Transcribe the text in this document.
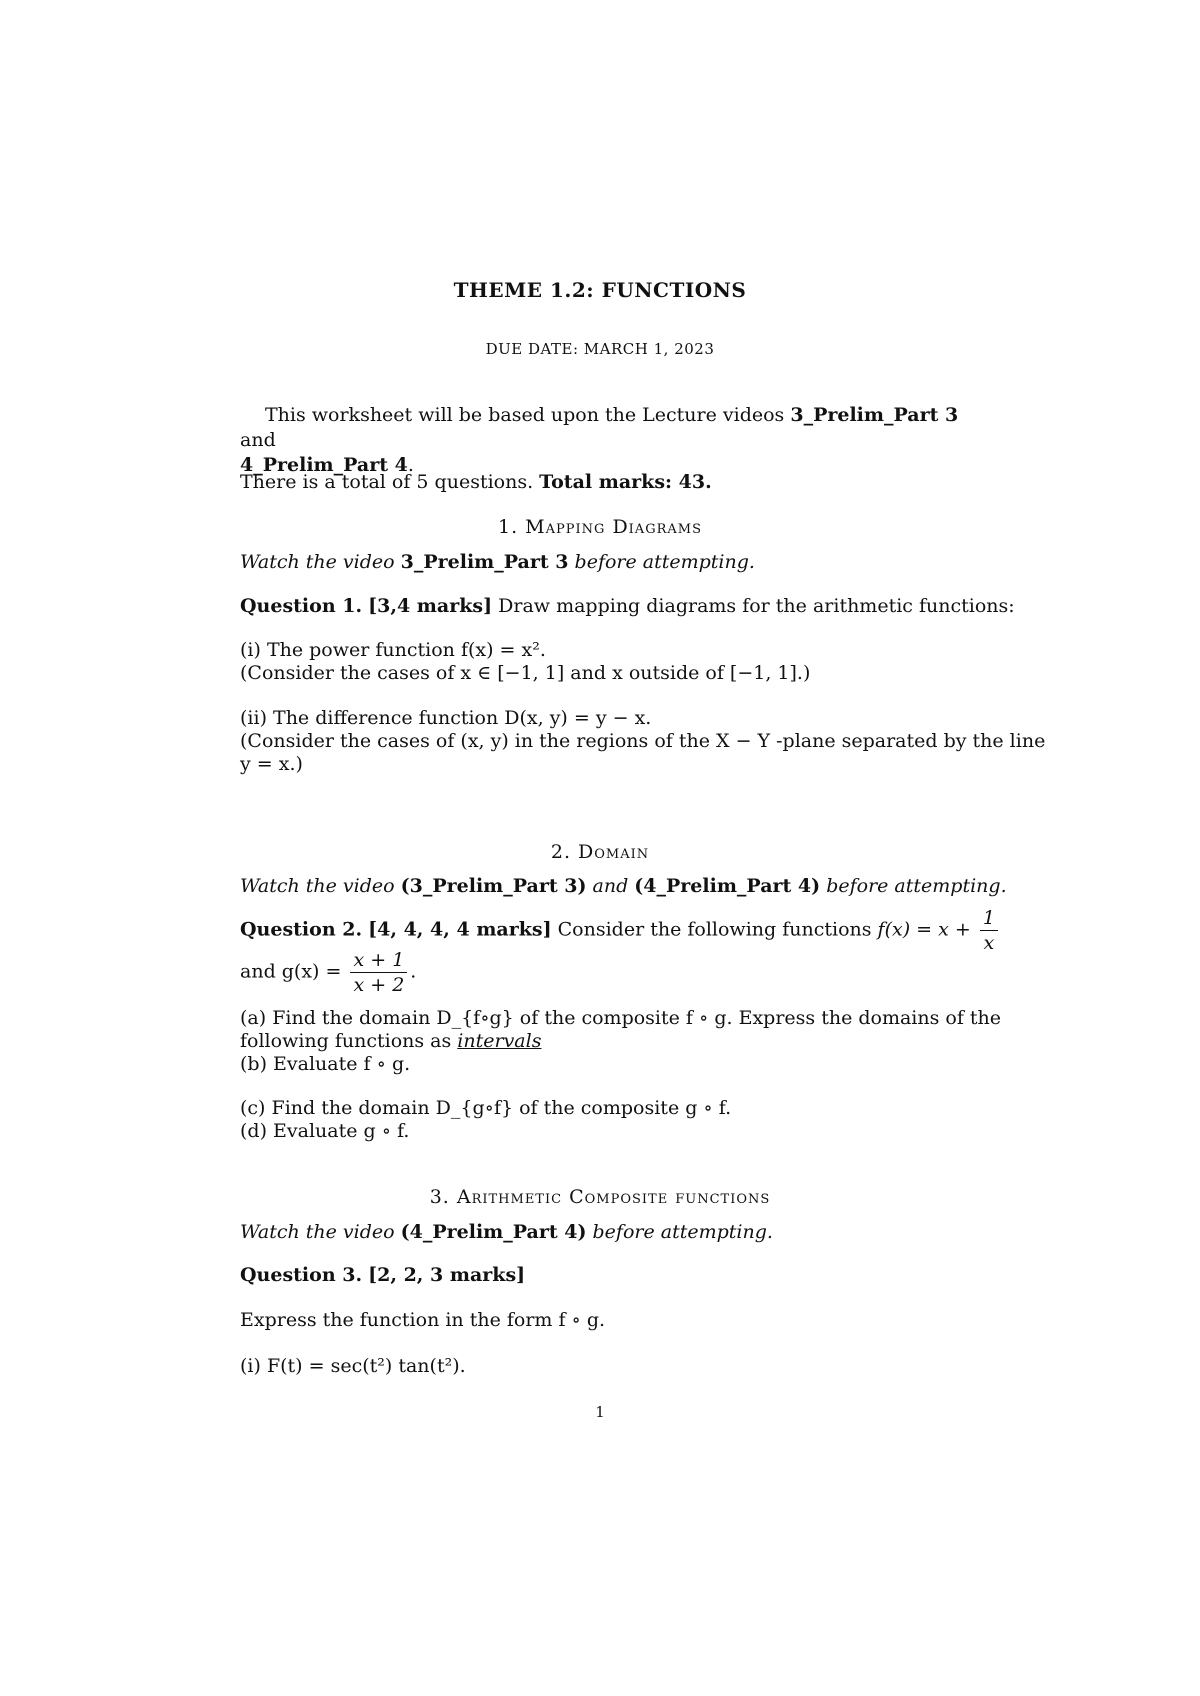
THEME 1.2: FUNCTIONS
DUE DATE: MARCH 1, 2023
This worksheet will be based upon the Lecture videos 3_Prelim_Part 3 and
4_Prelim_Part 4.
There is a total of 5 questions. Total marks: 43.
1. Mapping Diagrams
Watch the video 3_Prelim_Part 3 before attempting.
Question 1. [3,4 marks] Draw mapping diagrams for the arithmetic functions:
(i) The power function f(x) = x².
(Consider the cases of x ∈ [−1, 1] and x outside of [−1, 1].)
(ii) The difference function D(x, y) = y − x.
(Consider the cases of (x, y) in the regions of the X − Y -plane separated by the line
y = x.)
2. Domain
Watch the video (3_Prelim_Part 3) and (4_Prelim_Part 4) before attempting.
Question 2. [4, 4, 4, 4 marks] Consider the following functions $f(x) = x + \frac{1}{x}$
and $g(x) = \frac{x + 1}{x + 2}$ .
(a) Find the domain D_{f∘g} of the composite f ∘ g. Express the domains of the
following functions as intervals
(b) Evaluate f ∘ g.
(c) Find the domain D_{g∘f} of the composite g ∘ f.
(d) Evaluate g ∘ f.
3. Arithmetic Composite functions
Watch the video (4_Prelim_Part 4) before attempting.
Question 3. [2, 2, 3 marks]
Express the function in the form f ∘ g.
(i) F(t) = sec(t²) tan(t²).
1
